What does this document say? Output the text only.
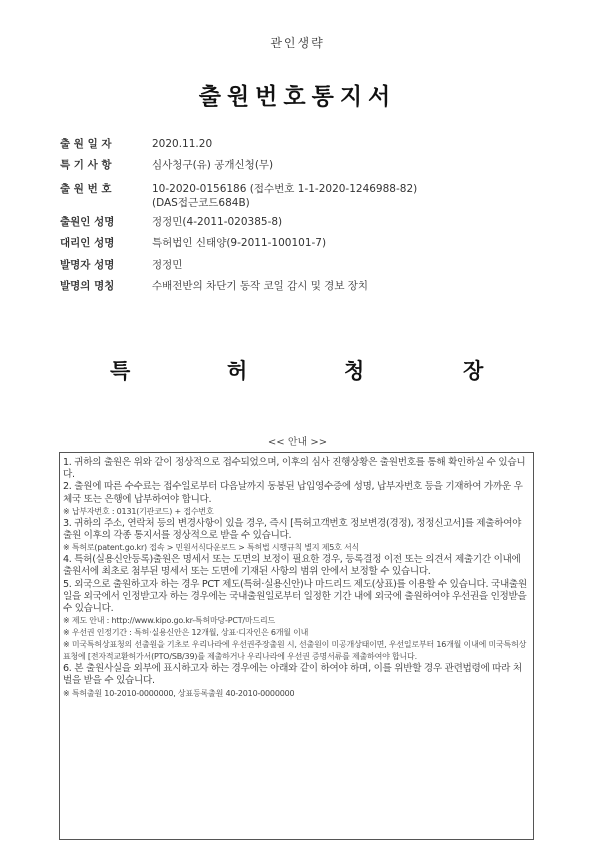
관인생략
출원번호통지서
출 원 일 자	2020.11.20
특 기 사 항	심사청구(유) 공개신청(무)
출 원 번 호	10-2020-0156186 (접수번호 1-1-2020-1246988-82)
(DAS접근코드684B)
출원인 성명	정정민(4-2011-020385-8)
대리인 성명	특허법인 신태양(9-2011-100101-7)
발명자 성명	정정민
발명의 명칭	수배전반의 차단기 동작 코일 감시 및 경보 장치
특	허	청	장
<< 안내 >>

1. 귀하의 출원은 위와 같이 정상적으로 접수되었으며, 이후의 심사 진행상황은 출원번호를 통해 확인하실 수 있습니다.

2. 출원에 따른 수수료는 접수일로부터 다음날까지 동봉된 납입영수증에 성명, 납부자번호 등을 기재하여 가까운 우체국 또는 은행에 납부하여야 합니다.

※ 납부자번호 : 0131(기관코드) + 접수번호

3. 귀하의 주소, 연락처 등의 변경사항이 있을 경우, 즉시 [특허고객번호 정보변경(경정), 정정신고서]를 제출하여야 출원 이후의 각종 통지서를 정상적으로 받을 수 있습니다.

※ 특허로(patent.go.kr) 접속 > 민원서식다운로드 > 특허법 시행규칙 별지 제5호 서식

4. 특허(실용신안등록)출원은 명세서 또는 도면의 보정이 필요한 경우, 등록결정 이전 또는 의견서 제출기간 이내에 출원서에 최초로 첨부된 명세서 또는 도면에 기재된 사항의 범위 안에서 보정할 수 있습니다.

5. 외국으로 출원하고자 하는 경우 PCT 제도(특허·실용신안)나 마드리드 제도(상표)를 이용할 수 있습니다. 국내출원일을 외국에서 인정받고자 하는 경우에는 국내출원일로부터 일정한 기간 내에 외국에 출원하여야 우선권을 인정받을 수 있습니다.

※ 제도 안내 : http://www.kipo.go.kr-특허마당-PCT/마드리드

※ 우선권 인정기간 : 특허·실용신안은 12개월, 상표·디자인은 6개월 이내

※ 미국특허상표청의 선출원을 기초로 우리나라에 우선권주장출원 시, 선출원이 미공개상태이면, 우선일로부터 16개월 이내에 미국특허상표청에 [전자적교환허가서(PTO/SB/39)를 제출하거나 우리나라에 우선권 증명서류를 제출하여야 합니다.

6. 본 출원사실을 외부에 표시하고자 하는 경우에는 아래와 같이 하여야 하며, 이를 위반할 경우 관련법령에 따라 처벌을 받을 수 있습니다.

※ 특허출원 10-2010-0000000, 상표등록출원 40-2010-0000000
